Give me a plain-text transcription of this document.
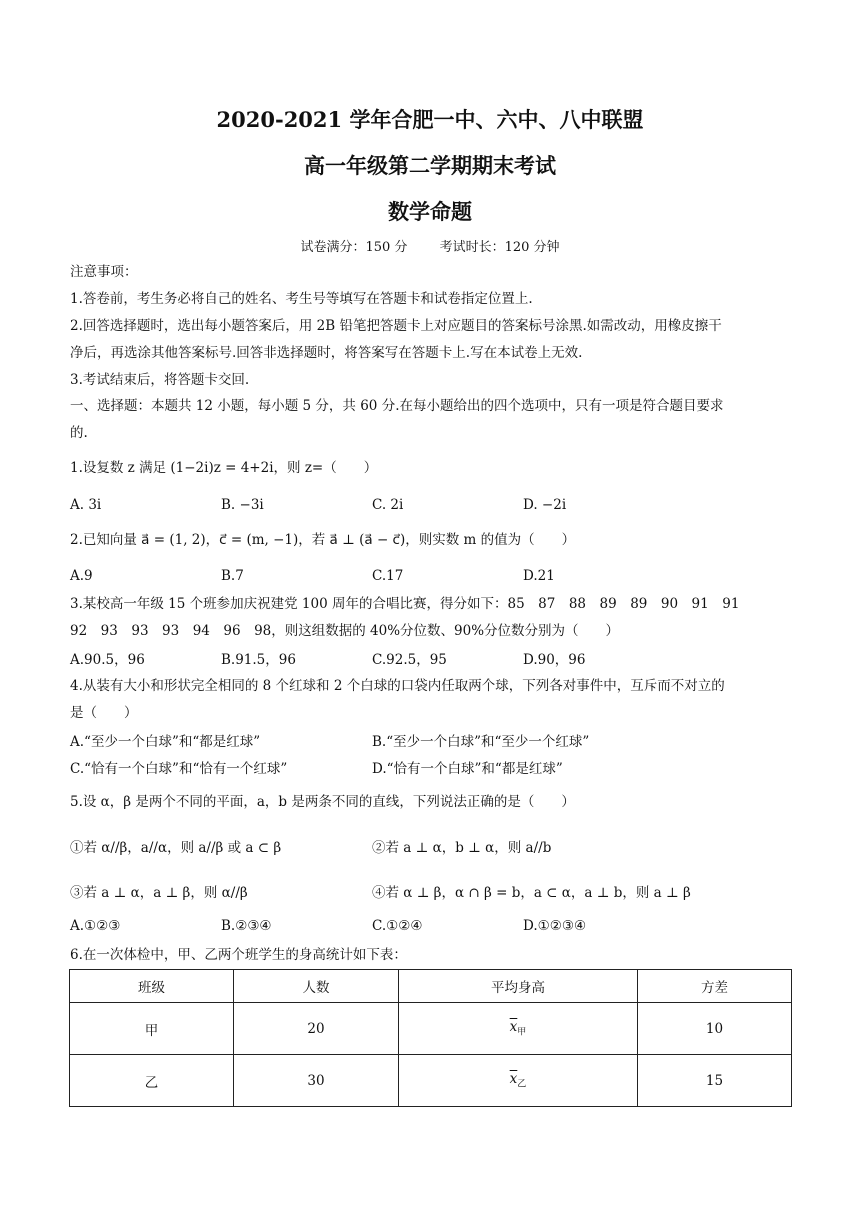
2020-2021 学年合肥一中、六中、八中联盟
高一年级第二学期期末考试
数学命题
试卷满分：150 分 考试时长：120 分钟
注意事项：
1.答卷前，考生务必将自己的姓名、考生号等填写在答题卡和试卷指定位置上.
2.回答选择题时，选出每小题答案后，用 2B 铅笔把答题卡上对应题目的答案标号涂黑.如需改动，用橡皮擦干
净后，再选涂其他答案标号.回答非选择题时，将答案写在答题卡上.写在本试卷上无效.
3.考试结束后，将答题卡交回.
一、选择题：本题共 12 小题，每小题 5 分，共 60 分.在每小题给出的四个选项中，只有一项是符合题目要求
的.
1.设复数 z 满足 (1−2i)z = 4+2i，则 z=（　　）
A. 3i	B. −3i	C. 2i	D. −2i
2.已知向量 a⃗ = (1, 2)，c⃗ = (m, −1)，若 a⃗ ⊥ (a⃗ − c⃗)，则实数 m 的值为（　　）
A.9	B.7	C.17	D.21
3.某校高一年级 15 个班参加庆祝建党 100 周年的合唱比赛，得分如下：85　87　88　89　89　90　91　91
92　93　93　93　94　96　98，则这组数据的 40%分位数、90%分位数分别为（　　）
A.90.5，96	B.91.5，96	C.92.5，95	D.90，96
4.从装有大小和形状完全相同的 8 个红球和 2 个白球的口袋内任取两个球，下列各对事件中，互斥而不对立的
是（　　）
A.“至少一个白球”和“都是红球”	B.“至少一个白球”和“至少一个红球”
C.“恰有一个白球”和“恰有一个红球”	D.“恰有一个白球”和“都是红球”
5.设 α，β 是两个不同的平面，a，b 是两条不同的直线，下列说法正确的是（　　）
①若 α//β，a//α，则 a//β 或 a ⊂ β	②若 a ⊥ α，b ⊥ α，则 a//b
③若 a ⊥ α，a ⊥ β，则 α//β	④若 α ⊥ β，α ∩ β = b，a ⊂ α，a ⊥ b，则 a ⊥ β
A.①②③	B.②③④	C.①②④	D.①②③④
6.在一次体检中，甲、乙两个班学生的身高统计如下表：
班级	人数	平均身高	方差
甲	20	$\overline{x}_甲$	10
乙	30	$\overline{x}_乙$	15
